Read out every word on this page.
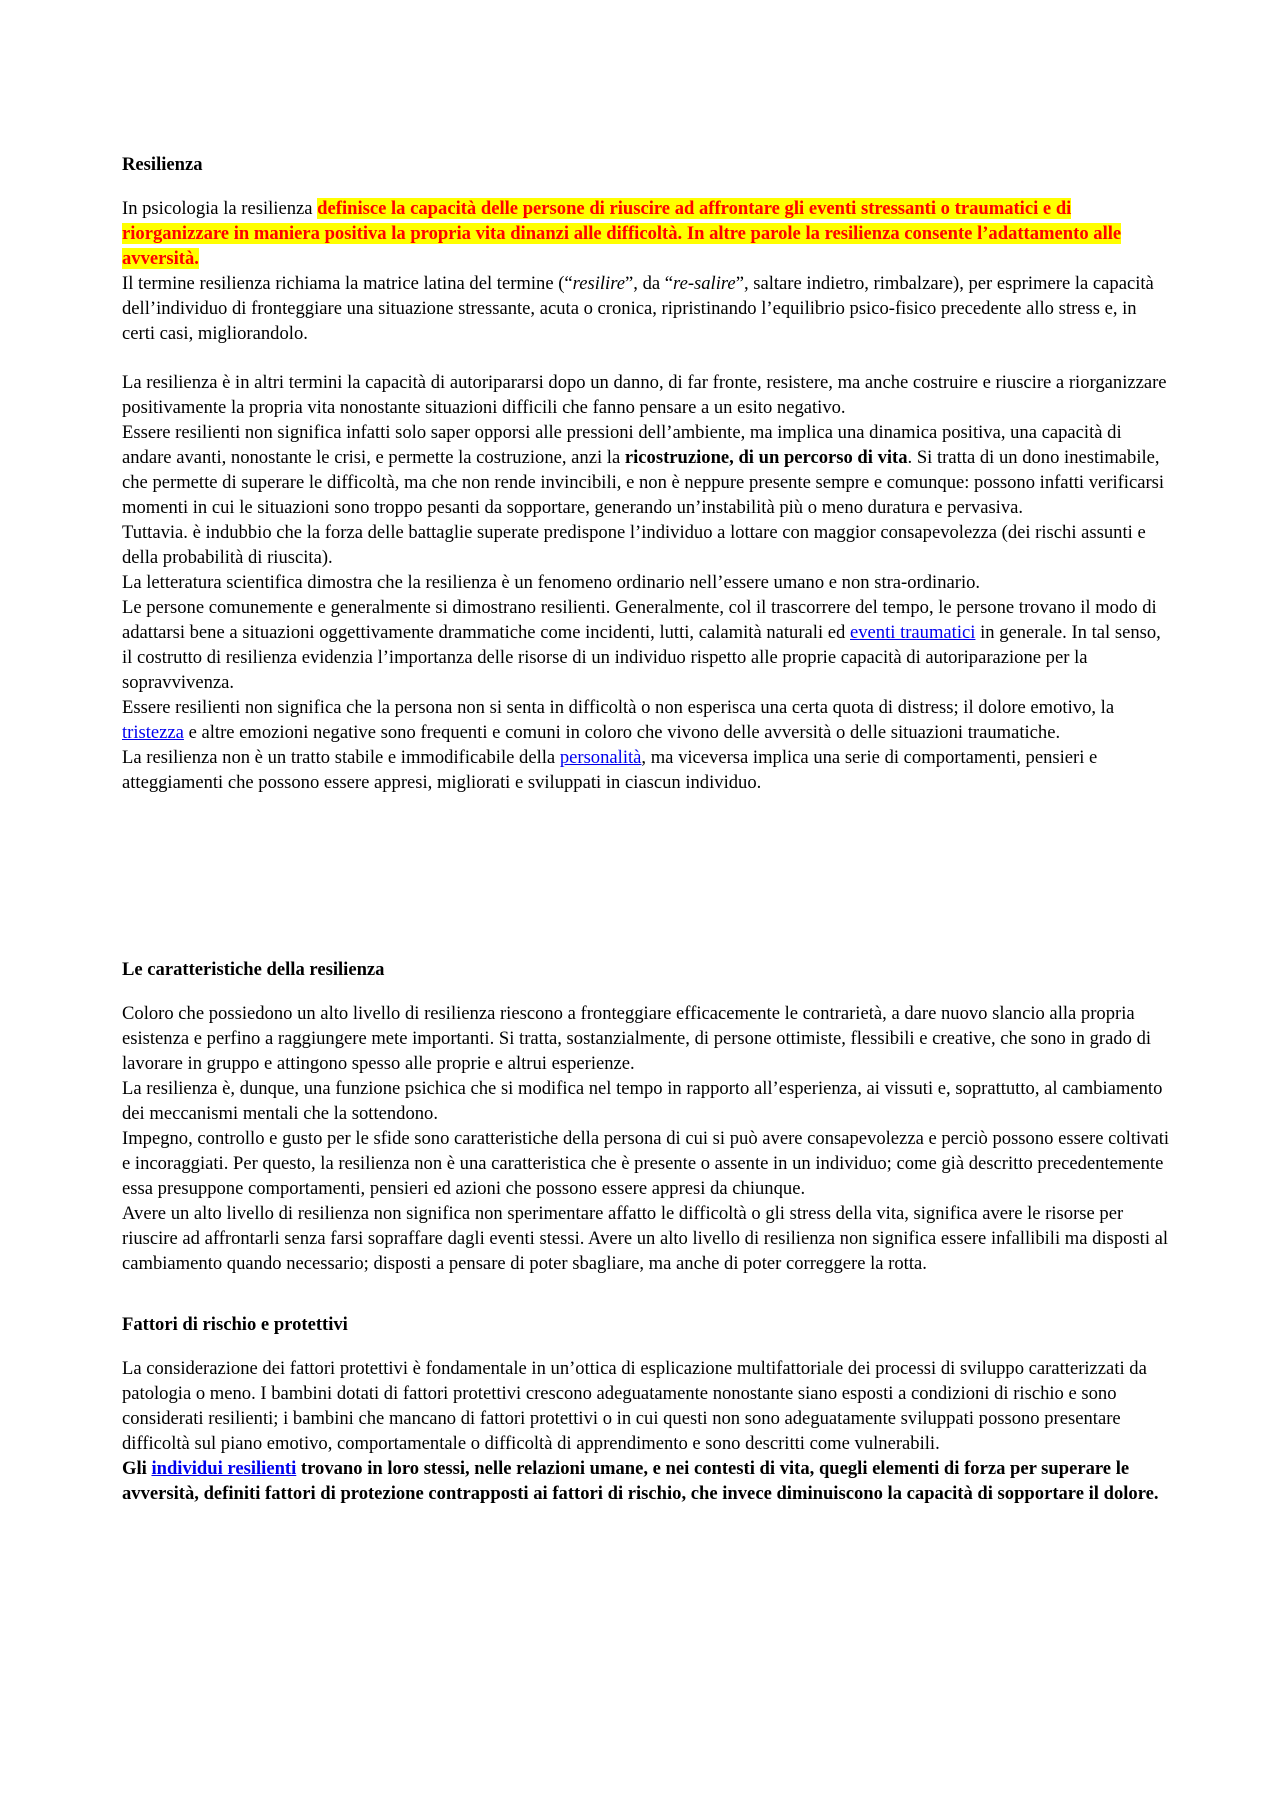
Resilienza

In psicologia la resilienza definisce la capacità delle persone di riuscire ad affrontare gli eventi stressanti o traumatici e di riorganizzare in maniera positiva la propria vita dinanzi alle difficoltà. In altre parole la resilienza consente l’adattamento alle avversità.

Il termine resilienza richiama la matrice latina del termine (“resilire”, da “re-salire”, saltare indietro, rimbalzare), per esprimere la capacità dell’individuo di fronteggiare una situazione stressante, acuta o cronica, ripristinando l’equilibrio psico-fisico precedente allo stress e, in certi casi, migliorandolo.

La resilienza è in altri termini la capacità di autoripararsi dopo un danno, di far fronte, resistere, ma anche costruire e riuscire a riorganizzare positivamente la propria vita nonostante situazioni difficili che fanno pensare a un esito negativo.

Essere resilienti non significa infatti solo saper opporsi alle pressioni dell’ambiente, ma implica una dinamica positiva, una capacità di andare avanti, nonostante le crisi, e permette la costruzione, anzi la ricostruzione, di un percorso di vita. Si tratta di un dono inestimabile, che permette di superare le difficoltà, ma che non rende invincibili, e non è neppure presente sempre e comunque: possono infatti verificarsi momenti in cui le situazioni sono troppo pesanti da sopportare, generando un’instabilità più o meno duratura e pervasiva.

Tuttavia. è indubbio che la forza delle battaglie superate predispone l’individuo a lottare con maggior consapevolezza (dei rischi assunti e della probabilità di riuscita).

La letteratura scientifica dimostra che la resilienza è un fenomeno ordinario nell’essere umano e non stra-ordinario.

Le persone comunemente e generalmente si dimostrano resilienti. Generalmente, col il trascorrere del tempo, le persone trovano il modo di adattarsi bene a situazioni oggettivamente drammatiche come incidenti, lutti, calamità naturali ed eventi traumatici in generale. In tal senso, il costrutto di resilienza evidenzia l’importanza delle risorse di un individuo rispetto alle proprie capacità di autoriparazione per la sopravvivenza.

Essere resilienti non significa che la persona non si senta in difficoltà o non esperisca una certa quota di distress; il dolore emotivo, la tristezza e altre emozioni negative sono frequenti e comuni in coloro che vivono delle avversità o delle situazioni traumatiche.

La resilienza non è un tratto stabile e immodificabile della personalità, ma viceversa implica una serie di comportamenti, pensieri e atteggiamenti che possono essere appresi, migliorati e sviluppati in ciascun individuo.

Le caratteristiche della resilienza

Coloro che possiedono un alto livello di resilienza riescono a fronteggiare efficacemente le contrarietà, a dare nuovo slancio alla propria esistenza e perfino a raggiungere mete importanti. Si tratta, sostanzialmente, di persone ottimiste, flessibili e creative, che sono in grado di lavorare in gruppo e attingono spesso alle proprie e altrui esperienze.

La resilienza è, dunque, una funzione psichica che si modifica nel tempo in rapporto all’esperienza, ai vissuti e, soprattutto, al cambiamento dei meccanismi mentali che la sottendono.

Impegno, controllo e gusto per le sfide sono caratteristiche della persona di cui si può avere consapevolezza e perciò possono essere coltivati e incoraggiati. Per questo, la resilienza non è una caratteristica che è presente o assente in un individuo; come già descritto precedentemente essa presuppone comportamenti, pensieri ed azioni che possono essere appresi da chiunque.

Avere un alto livello di resilienza non significa non sperimentare affatto le difficoltà o gli stress della vita, significa avere le risorse per riuscire ad affrontarli senza farsi sopraffare dagli eventi stessi. Avere un alto livello di resilienza non significa essere infallibili ma disposti al cambiamento quando necessario; disposti a pensare di poter sbagliare, ma anche di poter correggere la rotta.

Fattori di rischio e protettivi

La considerazione dei fattori protettivi è fondamentale in un’ottica di esplicazione multifattoriale dei processi di sviluppo caratterizzati da patologia o meno. I bambini dotati di fattori protettivi crescono adeguatamente nonostante siano esposti a condizioni di rischio e sono considerati resilienti; i bambini che mancano di fattori protettivi o in cui questi non sono adeguatamente sviluppati possono presentare difficoltà sul piano emotivo, comportamentale o difficoltà di apprendimento e sono descritti come vulnerabili.

Gli individui resilienti trovano in loro stessi, nelle relazioni umane, e nei contesti di vita, quegli elementi di forza per superare le avversità, definiti fattori di protezione contrapposti ai fattori di rischio, che invece diminuiscono la capacità di sopportare il dolore.
